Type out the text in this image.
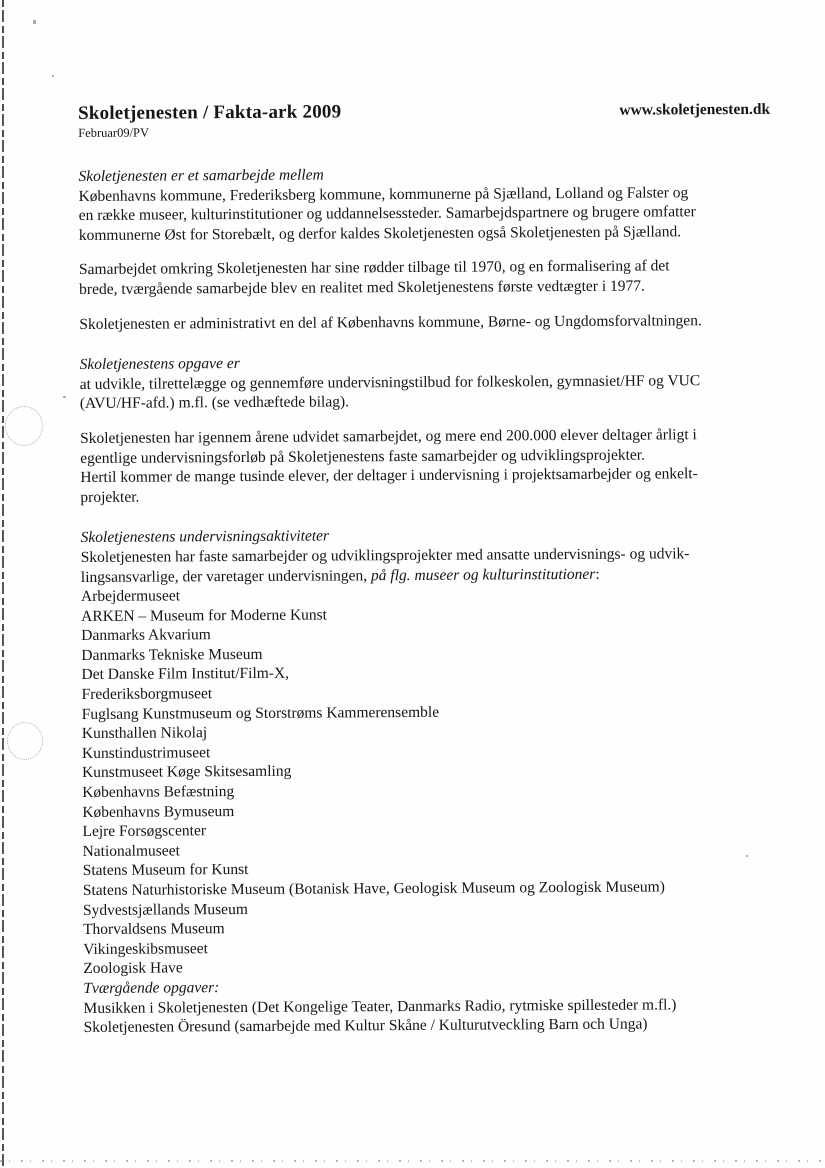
Skoletjenesten / Fakta-ark 2009
Februar09/PV
www.skoletjenesten.dk
Skoletjenesten er et samarbejde mellem
Københavns kommune, Frederiksberg kommune, kommunerne på Sjælland, Lolland og Falster og
en række museer, kulturinstitutioner og uddannelsessteder. Samarbejdspartnere og brugere omfatter
kommunerne Øst for Storebælt, og derfor kaldes Skoletjenesten også Skoletjenesten på Sjælland.
Samarbejdet omkring Skoletjenesten har sine rødder tilbage til 1970, og en formalisering af det
brede, tværgående samarbejde blev en realitet med Skoletjenestens første vedtægter i 1977.
Skoletjenesten er administrativt en del af Københavns kommune, Børne- og Ungdomsforvaltningen.
Skoletjenestens opgave er
at udvikle, tilrettelægge og gennemføre undervisningstilbud for folkeskolen, gymnasiet/HF og VUC
(AVU/HF-afd.) m.fl. (se vedhæftede bilag).
Skoletjenesten har igennem årene udvidet samarbejdet, og mere end 200.000 elever deltager årligt i
egentlige undervisningsforløb på Skoletjenestens faste samarbejder og udviklingsprojekter.
Hertil kommer de mange tusinde elever, der deltager i undervisning i projektsamarbejder og enkelt-
projekter.
Skoletjenestens undervisningsaktiviteter
Skoletjenesten har faste samarbejder og udviklingsprojekter med ansatte undervisnings- og udvik-
lingsansvarlige, der varetager undervisningen, på flg. museer og kulturinstitutioner:
Arbejdermuseet
ARKEN – Museum for Moderne Kunst
Danmarks Akvarium
Danmarks Tekniske Museum
Det Danske Film Institut/Film-X,
Frederiksborgmuseet
Fuglsang Kunstmuseum og Storstrøms Kammerensemble
Kunsthallen Nikolaj
Kunstindustrimuseet
Kunstmuseet Køge Skitsesamling
Københavns Befæstning
Københavns Bymuseum
Lejre Forsøgscenter
Nationalmuseet
Statens Museum for Kunst
Statens Naturhistoriske Museum (Botanisk Have, Geologisk Museum og Zoologisk Museum)
Sydvestsjællands Museum
Thorvaldsens Museum
Vikingeskibsmuseet
Zoologisk Have
Tværgående opgaver:
Musikken i Skoletjenesten (Det Kongelige Teater, Danmarks Radio, rytmiske spillesteder m.fl.)
Skoletjenesten Öresund (samarbejde med Kultur Skåne / Kulturutveckling Barn och Unga)
